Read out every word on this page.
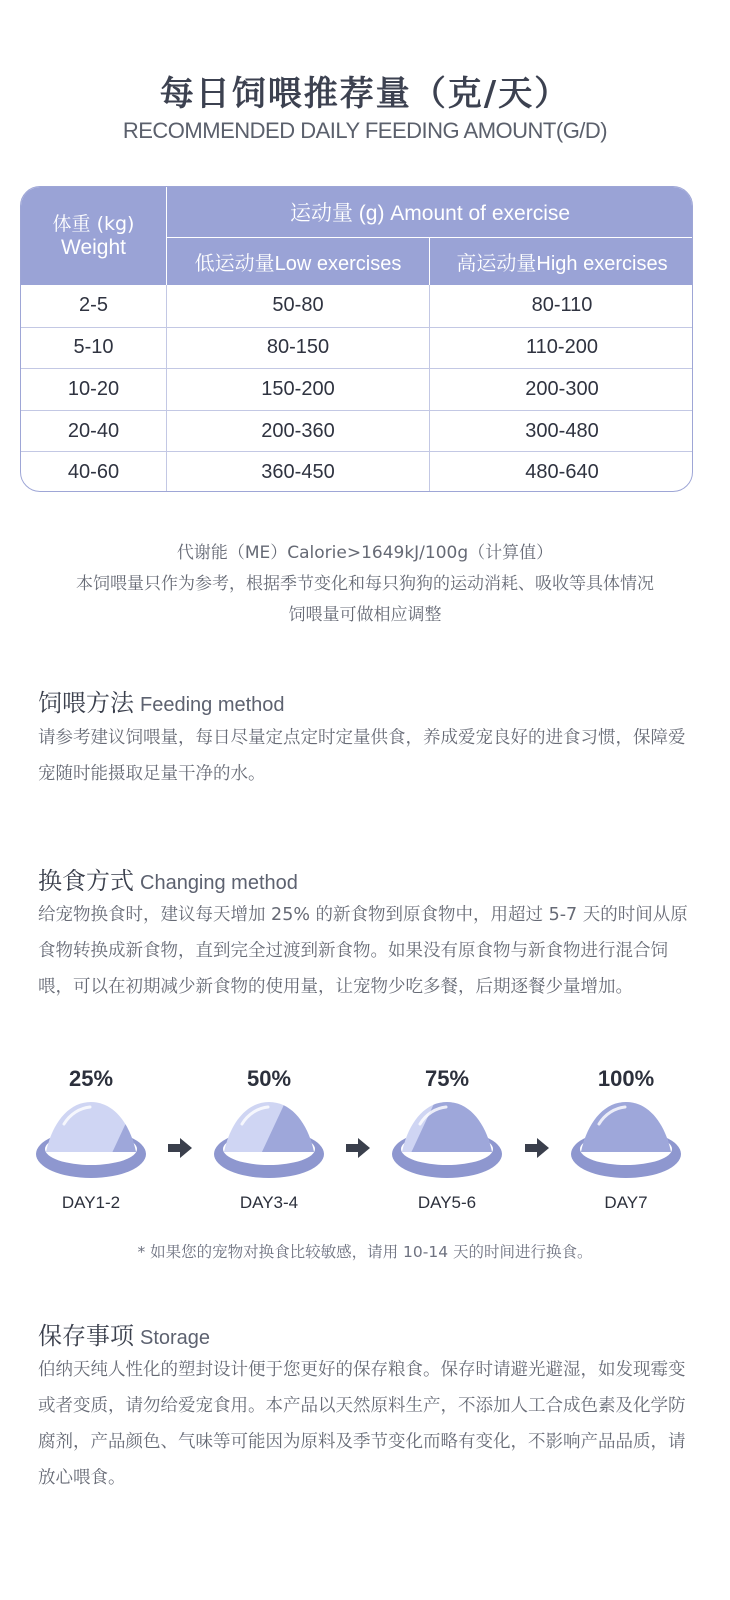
每日饲喂推荐量（克/天）
RECOMMENDED DAILY FEEDING AMOUNT(G/D)
体重 (kg)
Weight
运动量 (g) Amount of exercise
低运动量Low exercises	高运动量High exercises
2-5	50-80	80-110
5-10	80-150	110-200
10-20	150-200	200-300
20-40	200-360	300-480
40-60	360-450	480-640
代谢能（ME）Calorie>1649kJ/100g（计算值）
本饲喂量只作为参考，根据季节变化和每只狗狗的运动消耗、吸收等具体情况
饲喂量可做相应调整
饲喂方法 Feeding method
请参考建议饲喂量，每日尽量定点定时定量供食，养成爱宠良好的进食习惯，保障爱宠随时能摄取足量干净的水。
换食方式 Changing method
给宠物换食时，建议每天增加 25% 的新食物到原食物中，用超过 5-7 天的时间从原食物转换成新食物，直到完全过渡到新食物。如果没有原食物与新食物进行混合饲喂，可以在初期减少新食物的使用量，让宠物少吃多餐，后期逐餐少量增加。
25%
DAY1-2
50%
DAY3-4
75%
DAY5-6
100%
DAY7
* 如果您的宠物对换食比较敏感，请用 10-14 天的时间进行换食。
保存事项 Storage
伯纳天纯人性化的塑封设计便于您更好的保存粮食。保存时请避光避湿，如发现霉变或者变质，请勿给爱宠食用。本产品以天然原料生产，不添加人工合成色素及化学防腐剂，产品颜色、气味等可能因为原料及季节变化而略有变化，不影响产品品质，请放心喂食。
